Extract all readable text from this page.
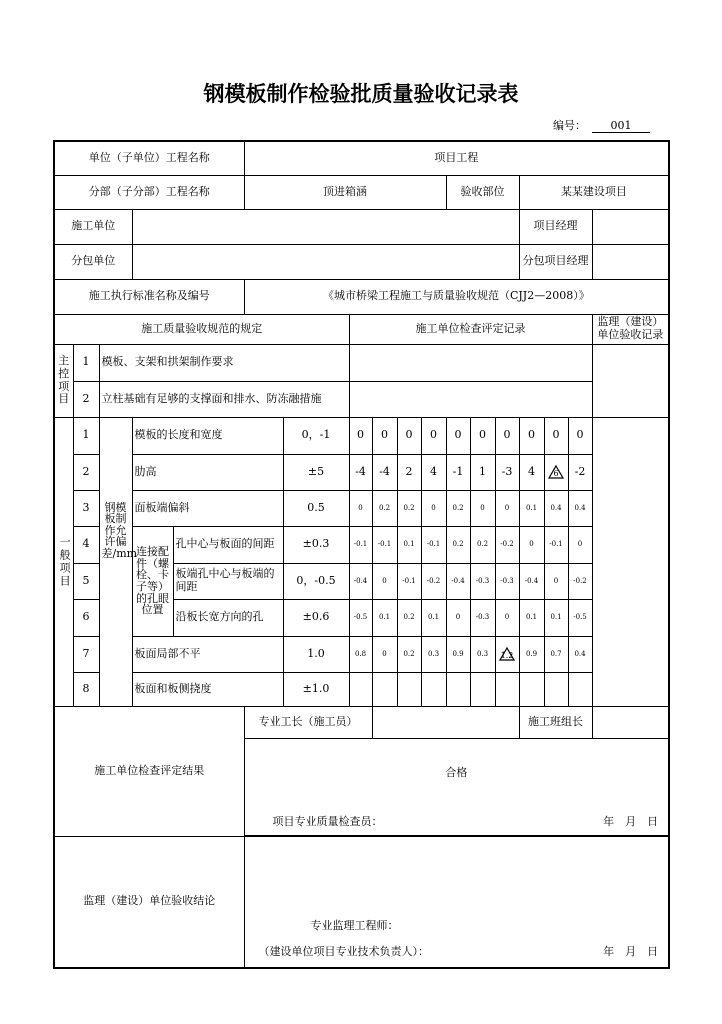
钢模板制作检验批质量验收记录表
编号： 001
单位（子单位）工程名称					项目工程												
分部（子分部）工程名称					顶进箱涵						验收部位			某某建设项目			
施工单位														项目经理			
分包单位														分包项目经理			
施工执行标准名称及编号					《城市桥梁工程施工与质量验收规范（CJJ2—2008）》												
施工质量验收规范的规定							施工单位检查评定记录										监理（建设）单位验收记录
主控项目	1	模板、支架和拱架制作要求															
	2	立柱基础有足够的支撑面和排水、防冻融措施															
一般项目	1	钢模板制作允许偏差/mm	模板的长度和宽度			0，-1	0	0	0	0	0	0	0	0	0	0	
	2		肋高			±5	-4	-4	2	4	-1	1	-3	4	6	-2	
	3		面板端偏斜			0.5	0	0.2	0.2	0	0.2	0	0	0.1	0.4	0.4	
	4		连接配件（螺栓、卡子等）的孔眼位置	孔中心与板面的间距		±0.3	-0.1	-0.1	0.1	-0.1	0.2	0.2	-0.2	0	-0.1	0	
	5			板端孔中心与板端的间距		0，-0.5	-0.4	0	-0.1	-0.2	-0.4	-0.3	-0.3	-0.4	0	-0.2	
	6			沿板长宽方向的孔		±0.6	-0.5	0.1	0.2	0.1	0	-0.3	0	0.1	0.1	-0.5	
	7		板面局部不平			1.0	0.8	0	0.2	0.3	0.9	0.3	1.2	0.9	0.7	0.4	
	8		板面和板侧挠度			±1.0											
施工单位检查评定结果					专业工长（施工员）									施工班组长			

					合格
项目专业质量检查员： 年　月　日												

监理（建设）单位验收结论					专业监理工程师：
（建设单位项目专业技术负责人）： 年　月　日												
